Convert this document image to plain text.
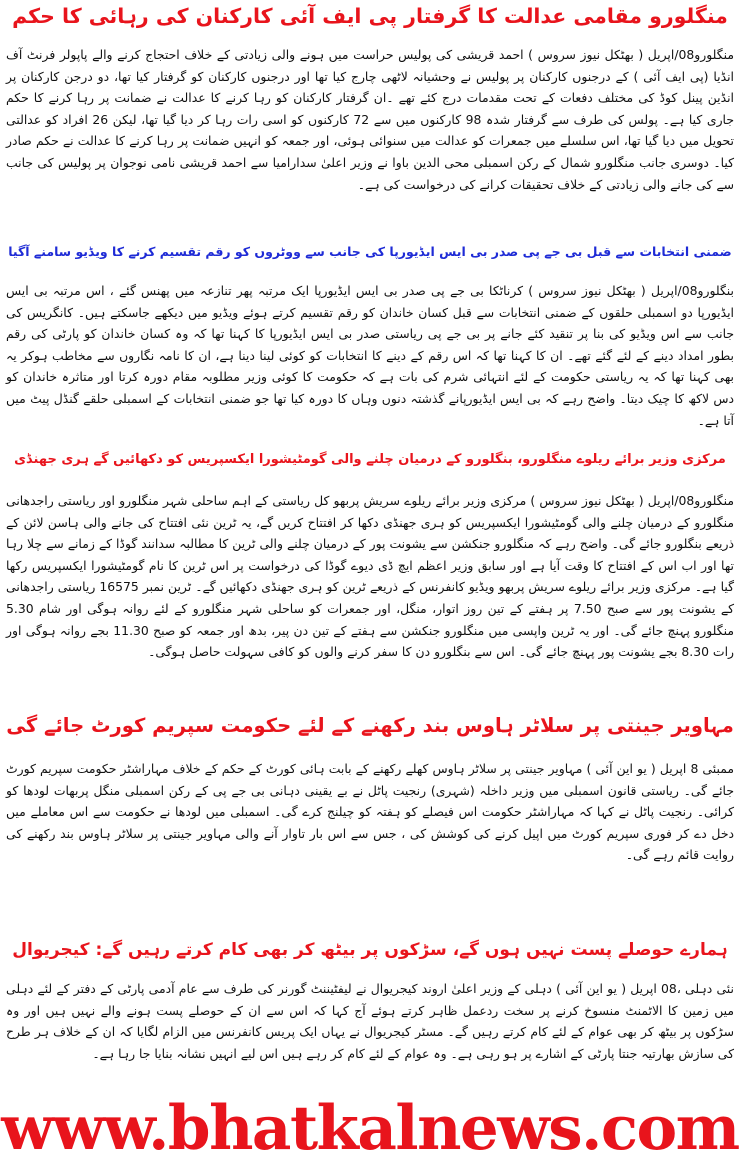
منگلورو مقامی عدالت کا گرفتار پی ایف آئی کارکنان کی رہائی کا حکم

منگلورو08/اپریل ( بھٹکل نیوز سروس ) احمد قریشی کی پولیس حراست میں ہونے والی زیادتی کے خلاف احتجاج کرنے والے پاپولر فرنٹ آف انڈیا (پی ایف آئی ) کے درجنوں کارکنان پر پولیس نے وحشیانہ لاٹھی چارج کیا تھا اور درجنوں کارکنان کو گرفتار کیا تھا، دو درجن کارکنان پر انڈین پینل کوڈ کی مختلف دفعات کے تحت مقدمات درج کئے تھے ۔ان گرفتار کارکنان کو رہا کرنے کا عدالت نے ضمانت پر رہا کرنے کا حکم جاری کیا ہے۔ پولس کی طرف سے گرفتار شدہ 98 کارکنوں میں سے 72 کارکنوں کو اسی رات رہا کر دیا گیا تھا، لیکن 26 افراد کو عدالتی تحویل میں دیا گیا تھا، اس سلسلے میں جمعرات کو عدالت میں سنوائی ہوئی، اور جمعہ کو انہیں ضمانت پر رہا کرنے کا عدالت نے حکم صادر کیا۔ دوسری جانب منگلورو شمال کے رکن اسمبلی محی الدین باوا نے وزیر اعلیٰ سدارامیا سے احمد قریشی نامی نوجوان پر پولیس کی جانب سے کی جانے والی زیادتی کے خلاف تحقیقات کرانے کی درخواست کی ہے۔

ضمنی انتخابات سے قبل بی جے پی صدر بی ایس ایڈیورپا کی جانب سے ووٹروں کو رقم تقسیم کرنے کا ویڈیو سامنے آگیا

بنگلورو08/اپریل ( بھٹکل نیوز سروس ) کرناٹکا بی جے پی صدر بی ایس ایڈیورپا ایک مرتبہ پھر تنازعہ میں پھنس گئے ، اس مرتبہ بی ایس ایڈیورپا دو اسمبلی حلقوں کے ضمنی انتخابات سے قبل کسان خاندان کو رقم تقسیم کرتے ہوئے ویڈیو میں دیکھے جاسکتے ہیں۔ کانگریس کی جانب سے اس ویڈیو کی بنا پر تنقید کئے جانے پر بی جے پی ریاستی صدر بی ایس ایڈیورپا کا کہنا تھا کہ وہ کسان خاندان کو پارٹی کی رقم بطور امداد دینے کے لئے گئے تھے۔ ان کا کہنا تھا کہ اس رقم کے دینے کا انتخابات کو کوئی لینا دینا ہے، ان کا نامہ نگاروں سے مخاطب ہوکر یہ بھی کہنا تھا کہ یہ ریاستی حکومت کے لئے انتہائی شرم کی بات ہے کہ حکومت کا کوئی وزیر مطلوبہ مقام دورہ کرتا اور متاثرہ خاندان کو دس لاکھ کا چیک دیتا۔ واضح رہے کہ بی ایس ایڈیورپانے گذشتہ دنوں وہاں کا دورہ کیا تھا جو ضمنی انتخابات کے اسمبلی حلقے گنڈل پیٹ میں آتا ہے۔

مرکزی وزیر برائے ریلوے منگلورو، بنگلورو کے درمیان چلنے والی گومٹیشورا ایکسپریس کو دکھائیں گے ہری جھنڈی

منگلورو08/اپریل ( بھٹکل نیوز سروس ) مرکزی وزیر برائے ریلوے سریش پربھو کل ریاستی کے اہم ساحلی شہر منگلورو اور ریاستی راجدھانی منگلورو کے درمیان چلنے والی گومٹیشورا ایکسپریس کو ہری جھنڈی دکھا کر افتتاح کریں گے، یہ ٹرین نئی افتتاح کی جانے والی ہاسن لائن کے ذریعے بنگلورو جائے گی۔ واضح رہے کہ منگلورو جنکشن سے یشونت پور کے درمیان چلنے والی ٹرین کا مطالبہ سدانند گوڈا کے زمانے سے چلا رہا تھا اور اب اس کے افتتاح کا وقت آیا ہے اور سابق وزیر اعظم ایچ ڈی دیوے گوڈا کی درخواست پر اس ٹرین کا نام گومٹیشورا ایکسپریس رکھا گیا ہے۔ مرکزی وزیر برائے ریلوے سریش پربھو ویڈیو کانفرنس کے ذریعے ٹرین کو ہری جھنڈی دکھائیں گے۔ ٹرین نمبر 16575 ریاستی راجدھانی کے یشونت پور سے صبح 7.50 پر ہفتے کے تین روز اتوار، منگل، اور جمعرات کو ساحلی شہر منگلورو کے لئے روانہ ہوگی اور شام 5.30 منگلورو پہنچ جائے گی۔ اور یہ ٹرین واپسی میں منگلورو جنکشن سے ہفتے کے تین دن پیر، بدھ اور جمعہ کو صبح 11.30 بجے روانہ ہوگی اور رات 8.30 بجے یشونت پور پہنچ جائے گی۔ اس سے بنگلورو دن کا سفر کرنے والوں کو کافی سہولت حاصل ہوگی۔

مہاویر جینتی پر سلاٹر ہاوس بند رکھنے کے لئے حکومت سپریم کورٹ جائے گی

ممبئی 8 اپریل ( یو این آئی ) مہاویر جینتی پر سلاٹر ہاوس کھلے رکھنے کے بابت ہائی کورٹ کے حکم کے خلاف مہاراشٹر حکومت سپریم کورٹ جائے گی۔ ریاستی قانون اسمبلی میں وزیر داخلہ (شہری) رنجیت پاٹل نے بے یقینی دہانی بی جے پی کے رکن اسمبلی منگل پربھات لودھا کو کرائی۔ رنجیت پاٹل نے کہا کہ مہاراشٹر حکومت اس فیصلے کو ہفتہ کو چیلنج کرے گی۔ اسمبلی میں لودھا نے حکومت سے اس معاملے میں دخل دے کر فوری سپریم کورٹ میں اپیل کرنے کی کوشش کی ، جس سے اس بار تاوار آنے والی مہاویر جینتی پر سلاٹر ہاوس بند رکھنے کی روایت قائم رہے گی۔

ہمارے حوصلے پست نہیں ہوں گے، سڑکوں پر بیٹھ کر بھی کام کرتے رہیں گے: کیجریوال

نئی دہلی ،08 اپریل ( یو این آئی ) دہلی کے وزیر اعلیٰ اروند کیجریوال نے لیفٹیننٹ گورنر کی طرف سے عام آدمی پارٹی کے دفتر کے لئے دہلی میں زمین کا الاٹمنٹ منسوخ کرنے پر سخت ردعمل ظاہر کرتے ہوئے آج کہا کہ اس سے ان کے حوصلے پست ہونے والے نہیں ہیں اور وہ سڑکوں پر بیٹھ کر بھی عوام کے لئے کام کرتے رہیں گے۔ مسٹر کیجریوال نے یہاں ایک پریس کانفرنس میں الزام لگایا کہ ان کے خلاف ہر طرح کی سازش بھارتیہ جنتا پارٹی کے اشارے پر ہو رہی ہے۔ وہ عوام کے لئے کام کر رہے ہیں اس لیے انہیں نشانہ بنایا جا رہا ہے۔

www.bhatkalnews.com
